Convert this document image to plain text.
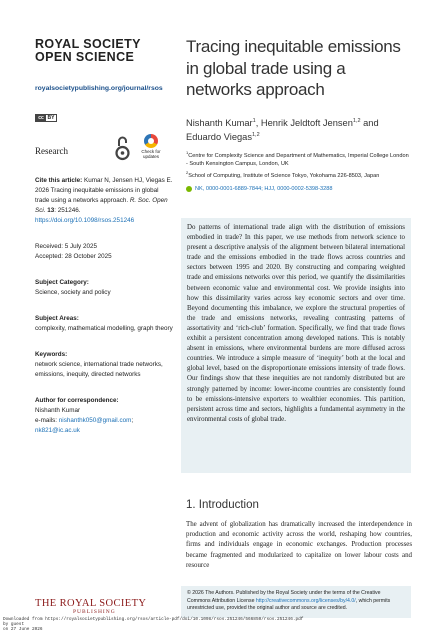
ROYAL SOCIETY
OPEN SCIENCE
royalsocietypublishing.org/journal/rsos
cc BY
Research	Check for
updates
Cite this article: Kumar N, Jensen HJ, Viegas E. 2026 Tracing inequitable emissions in global trade using a networks approach. R. Soc. Open Sci. 13: 251246.
https://doi.org/10.1098/rsos.251246
Received: 5 July 2025
Accepted: 28 October 2025
Subject Category:
Science, society and policy
Subject Areas:
complexity, mathematical modelling, graph theory
Keywords:
network science, international trade networks, emissions, inequity, directed networks
Author for correspondence:
Nishanth Kumar
e-mails: nishanthk050@gmail.com;
nk821@ic.ac.uk
Tracing inequitable emissions in global trade using a networks approach
Nishanth Kumar$^1$, Henrik Jeldtoft Jensen$^{1,2}$ and Eduardo Viegas$^{1,2}$
$^1$Centre for Complexity Science and Department of Mathematics, Imperial College London - South Kensington Campus, London, UK
$^2$School of Computing, Institute of Science Tokyo, Yokohama 226-8503, Japan
NK, 0000-0001-6889-7844; HJJ, 0000-0002-5398-3288

Do patterns of international trade align with the distribution of emissions embodied in trade? In this paper, we use methods from network science to present a descriptive analysis of the alignment between bilateral international trade and the emissions embodied in the trade flows across countries and sectors between 1995 and 2020. By constructing and comparing weighted trade and emissions networks over this period, we quantify the dissimilarities between economic value and environmental cost. We provide insights into how this dissimilarity varies across key economic sectors and over time. Beyond documenting this imbalance, we explore the structural properties of the trade and emissions networks, revealing contrasting patterns of assortativity and ‘rich-club’ formation. Specifically, we find that trade flows exhibit a persistent concentration among developed nations. This is notably absent in emissions, where environmental burdens are more diffused across countries. We introduce a simple measure of ‘inequity’ both at the local and global level, based on the disproportionate emissions intensity of trade flows. Our findings show that these inequities are not randomly distributed but are strongly patterned by income: lower-income countries are consistently found to be emissions-intensive exporters to wealthier economies. This partition, persistent across time and sectors, highlights a fundamental asymmetry in the environmental costs of global trade.

1. Introduction

The advent of globalization has dramatically increased the interdependence in production and economic activity across the world, reshaping how countries, firms and individuals engage in economic exchanges. Production processes became fragmented and modularized to capitalize on lower labour costs and resource

© 2026 The Authors. Published by the Royal Society under the terms of the Creative Commons Attribution License http://creativecommons.org/licenses/by/4.0/, which permits unrestricted use, provided the original author and source are credited.
THE ROYAL SOCIETY
PUBLISHING
Downloaded from https://royalsocietypublishing.org/rsos/article-pdf/doi/10.1098/rsos.251246/566850/rsos.251246.pdf
by guest
on 27 June 2026
